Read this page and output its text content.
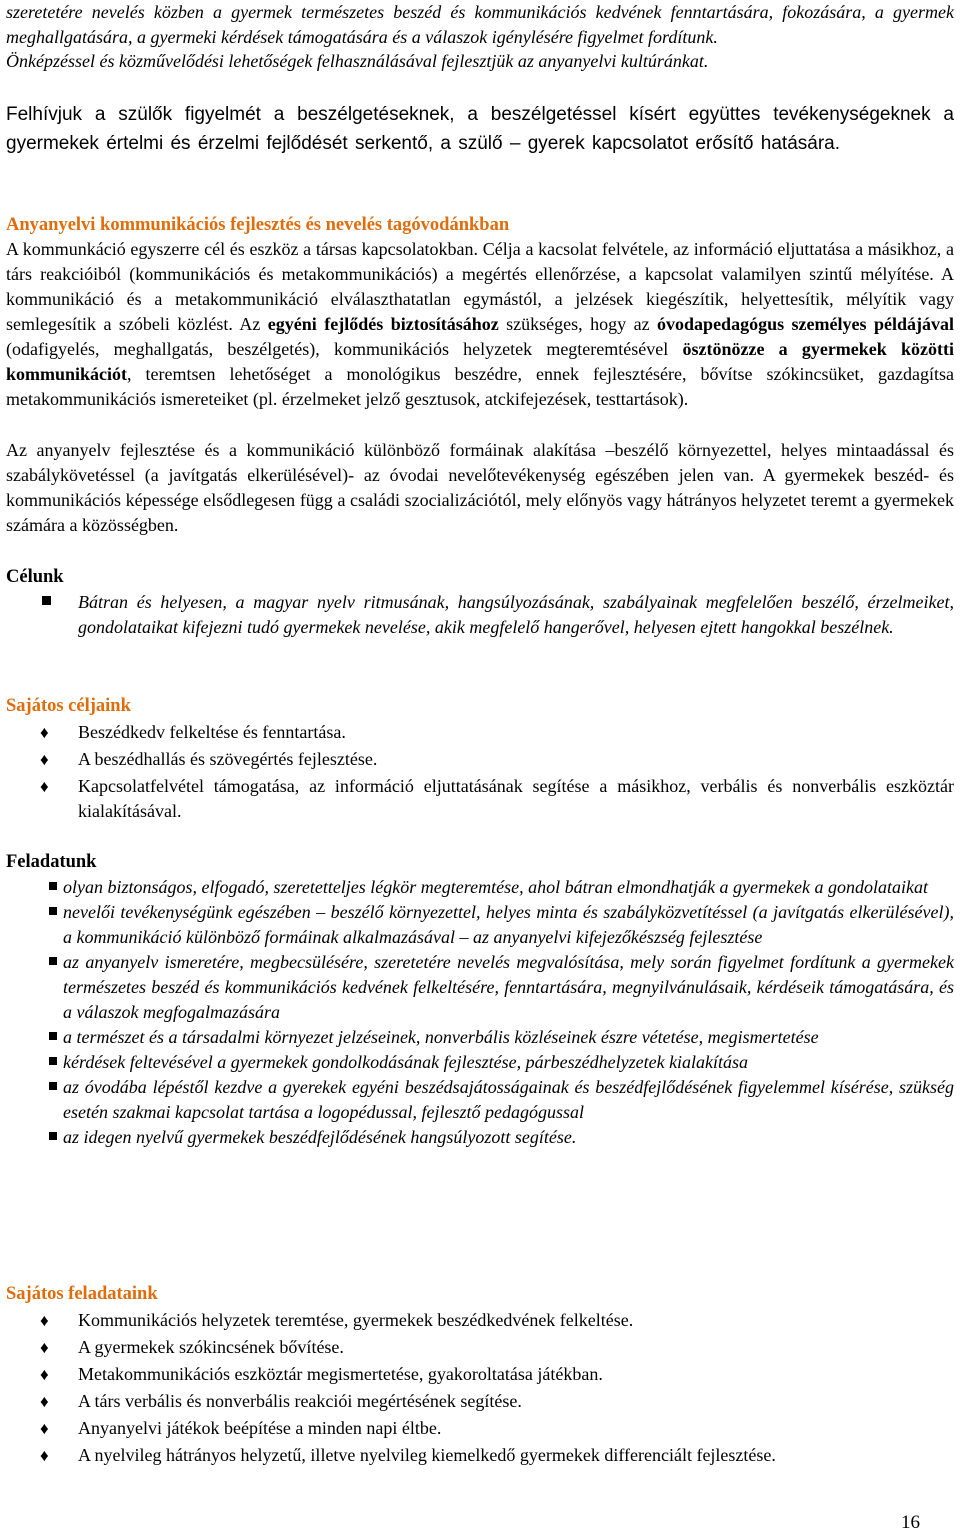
szeretetére nevelés közben a gyermek természetes beszéd és kommunikációs kedvének fenntartására, fokozására, a gyermek meghallgatására, a gyermeki kérdések támogatására és a válaszok igénylésére figyelmet fordítunk.

Önképzéssel és közművelődési lehetőségek felhasználásával fejlesztjük az anyanyelvi kultúránkat.

Felhívjuk a szülők figyelmét a beszélgetéseknek, a beszélgetéssel kísért együttes tevékenységeknek a gyermekek értelmi és érzelmi fejlődését serkentő, a szülő – gyerek kapcsolatot erősítő hatására.

Anyanyelvi kommunikációs fejlesztés és nevelés tagóvodánkban

A kommunkáció egyszerre cél és eszköz a társas kapcsolatokban. Célja a kacsolat felvétele, az információ eljuttatása a másikhoz, a társ reakcióiból (kommunikációs és metakommunikációs) a megértés ellenőrzése, a kapcsolat valamilyen szintű mélyítése. A kommunikáció és a metakommunikáció elválaszthatatlan egymástól, a jelzések kiegészítik, helyettesítik, mélyítik vagy semlegesítik a szóbeli közlést. Az egyéni fejlődés biztosításához szükséges, hogy az óvodapedagógus személyes példájával (odafigyelés, meghallgatás, beszélgetés), kommunikációs helyzetek megteremtésével ösztönözze a gyermekek közötti kommunikációt, teremtsen lehetőséget a monológikus beszédre, ennek fejlesztésére, bővítse szókincsüket, gazdagítsa metakommunikációs ismereteiket (pl. érzelmeket jelző gesztusok, atckifejezések, testtartások).

Az anyanyelv fejlesztése és a kommunikáció különböző formáinak alakítása –beszélő környezettel, helyes mintaadással és szabálykövetéssel (a javítgatás elkerülésével)- az óvodai nevelőtevékenység egészében jelen van. A gyermekek beszéd- és kommunikációs képessége elsődlegesen függ a családi szocializációtól, mely előnyös vagy hátrányos helyzetet teremt a gyermekek számára a közösségben.

Célunk
Bátran és helyesen, a magyar nyelv ritmusának, hangsúlyozásának, szabályainak megfelelően beszélő, érzelmeiket, gondolataikat kifejezni tudó gyermekek nevelése, akik megfelelő hangerővel, helyesen ejtett hangokkal beszélnek.
Sajátos céljaink
♦ Beszédkedv felkeltése és fenntartása.
♦ A beszédhallás és szövegértés fejlesztése.
♦ Kapcsolatfelvétel támogatása, az információ eljuttatásának segítése a másikhoz, verbális és nonverbális eszköztár kialakításával.
Feladatunk
olyan biztonságos, elfogadó, szeretetteljes légkör megteremtése, ahol bátran elmondhatják a gyermekek a gondolataikat
nevelői tevékenységünk egészében – beszélő környezettel, helyes minta és szabályközvetítéssel (a javítgatás elkerülésével), a kommunikáció különböző formáinak alkalmazásával – az anyanyelvi kifejezőkészség fejlesztése
az anyanyelv ismeretére, megbecsülésére, szeretetére nevelés megvalósítása, mely során figyelmet fordítunk a gyermekek természetes beszéd és kommunikációs kedvének felkeltésére, fenntartására, megnyilvánulásaik, kérdéseik támogatására, és a válaszok megfogalmazására
a természet és a társadalmi környezet jelzéseinek, nonverbális közléseinek észre vétetése, megismertetése
kérdések feltevésével a gyermekek gondolkodásának fejlesztése, párbeszédhelyzetek kialakítása
az óvodába lépéstől kezdve a gyerekek egyéni beszédsajátosságainak és beszédfejlődésének figyelemmel kísérése, szükség esetén szakmai kapcsolat tartása a logopédussal, fejlesztő pedagógussal
az idegen nyelvű gyermekek beszédfejlődésének hangsúlyozott segítése.
Sajátos feladataink
♦ Kommunikációs helyzetek teremtése, gyermekek beszédkedvének felkeltése.
♦ A gyermekek szókincsének bővítése.
♦ Metakommunikációs eszköztár megismertetése, gyakoroltatása játékban.
♦ A társ verbális és nonverbális reakciói megértésének segítése.
♦ Anyanyelvi játékok beépítése a minden napi éltbe.
♦ A nyelvileg hátrányos helyzetű, illetve nyelvileg kiemelkedő gyermekek differenciált fejlesztése.
16
